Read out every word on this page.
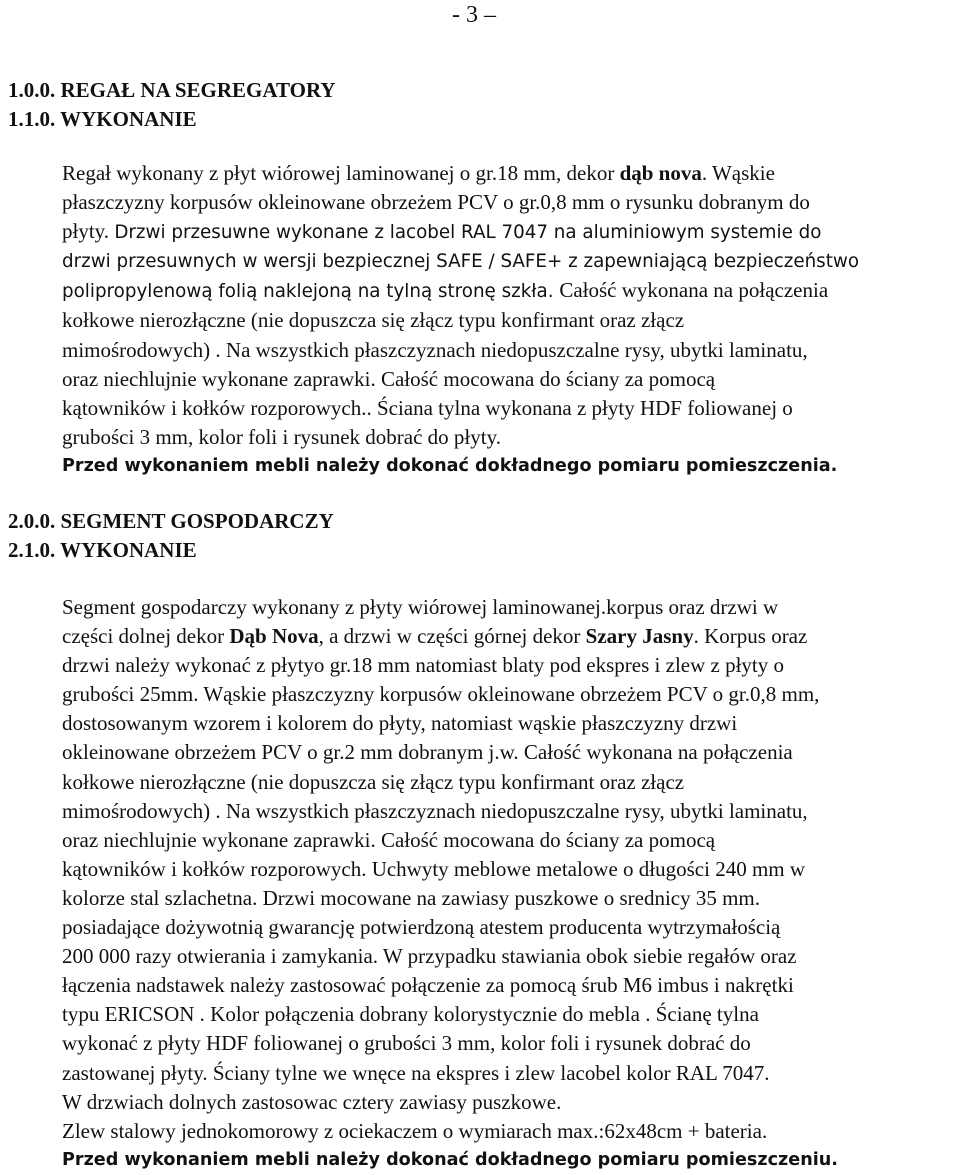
- 3 –
1.0.0. REGAŁ NA SEGREGATORY
1.1.0. WYKONANIE
Regał wykonany z płyt wiórowej laminowanej o gr.18 mm, dekor dąb nova. Wąskie
płaszczyzny korpusów okleinowane obrzeżem PCV o gr.0,8 mm o rysunku dobranym do
płyty. Drzwi przesuwne wykonane z lacobel RAL 7047 na aluminiowym systemie do
drzwi przesuwnych w wersji bezpiecznej SAFE / SAFE+ z zapewniającą bezpieczeństwo
polipropylenową folią naklejoną na tylną stronę szkła. Całość wykonana na połączenia
kołkowe nierozłączne (nie dopuszcza się złącz typu konfirmant oraz złącz
mimośrodowych) . Na wszystkich płaszczyznach niedopuszczalne rysy, ubytki laminatu,
oraz niechlujnie wykonane zaprawki. Całość mocowana do ściany za pomocą
kątowników i kołków rozporowych.. Ściana tylna wykonana z płyty HDF foliowanej o
grubości 3 mm, kolor foli i rysunek dobrać do płyty.
Przed wykonaniem mebli należy dokonać dokładnego pomiaru pomieszczenia.
2.0.0. SEGMENT GOSPODARCZY
2.1.0. WYKONANIE
Segment gospodarczy wykonany z płyty wiórowej laminowanej.korpus oraz drzwi w
części dolnej dekor Dąb Nova, a drzwi w części górnej dekor Szary Jasny. Korpus oraz
drzwi należy wykonać z płytyo gr.18 mm natomiast blaty pod ekspres i zlew z płyty o
grubości 25mm. Wąskie płaszczyzny korpusów okleinowane obrzeżem PCV o gr.0,8 mm,
dostosowanym wzorem i kolorem do płyty, natomiast wąskie płaszczyzny drzwi
okleinowane obrzeżem PCV o gr.2 mm dobranym j.w. Całość wykonana na połączenia
kołkowe nierozłączne (nie dopuszcza się złącz typu konfirmant oraz złącz
mimośrodowych) . Na wszystkich płaszczyznach niedopuszczalne rysy, ubytki laminatu,
oraz niechlujnie wykonane zaprawki. Całość mocowana do ściany za pomocą
kątowników i kołków rozporowych. Uchwyty meblowe metalowe o długości 240 mm w
kolorze stal szlachetna. Drzwi mocowane na zawiasy puszkowe o srednicy 35 mm.
posiadające dożywotnią gwarancję potwierdzoną atestem producenta wytrzymałością
200 000 razy otwierania i zamykania. W przypadku stawiania obok siebie regałów oraz
łączenia nadstawek należy zastosować połączenie za pomocą śrub M6 imbus i nakrętki
typu ERICSON . Kolor połączenia dobrany kolorystycznie do mebla . Ścianę tylna
wykonać z płyty HDF foliowanej o grubości 3 mm, kolor foli i rysunek dobrać do
zastowanej płyty. Ściany tylne we wnęce na ekspres i zlew lacobel kolor RAL 7047.
W drzwiach dolnych zastosowac cztery zawiasy puszkowe.
Zlew stalowy jednokomorowy z ociekaczem o wymiarach max.:62x48cm + bateria.
Przed wykonaniem mebli należy dokonać dokładnego pomiaru pomieszczeniu.
